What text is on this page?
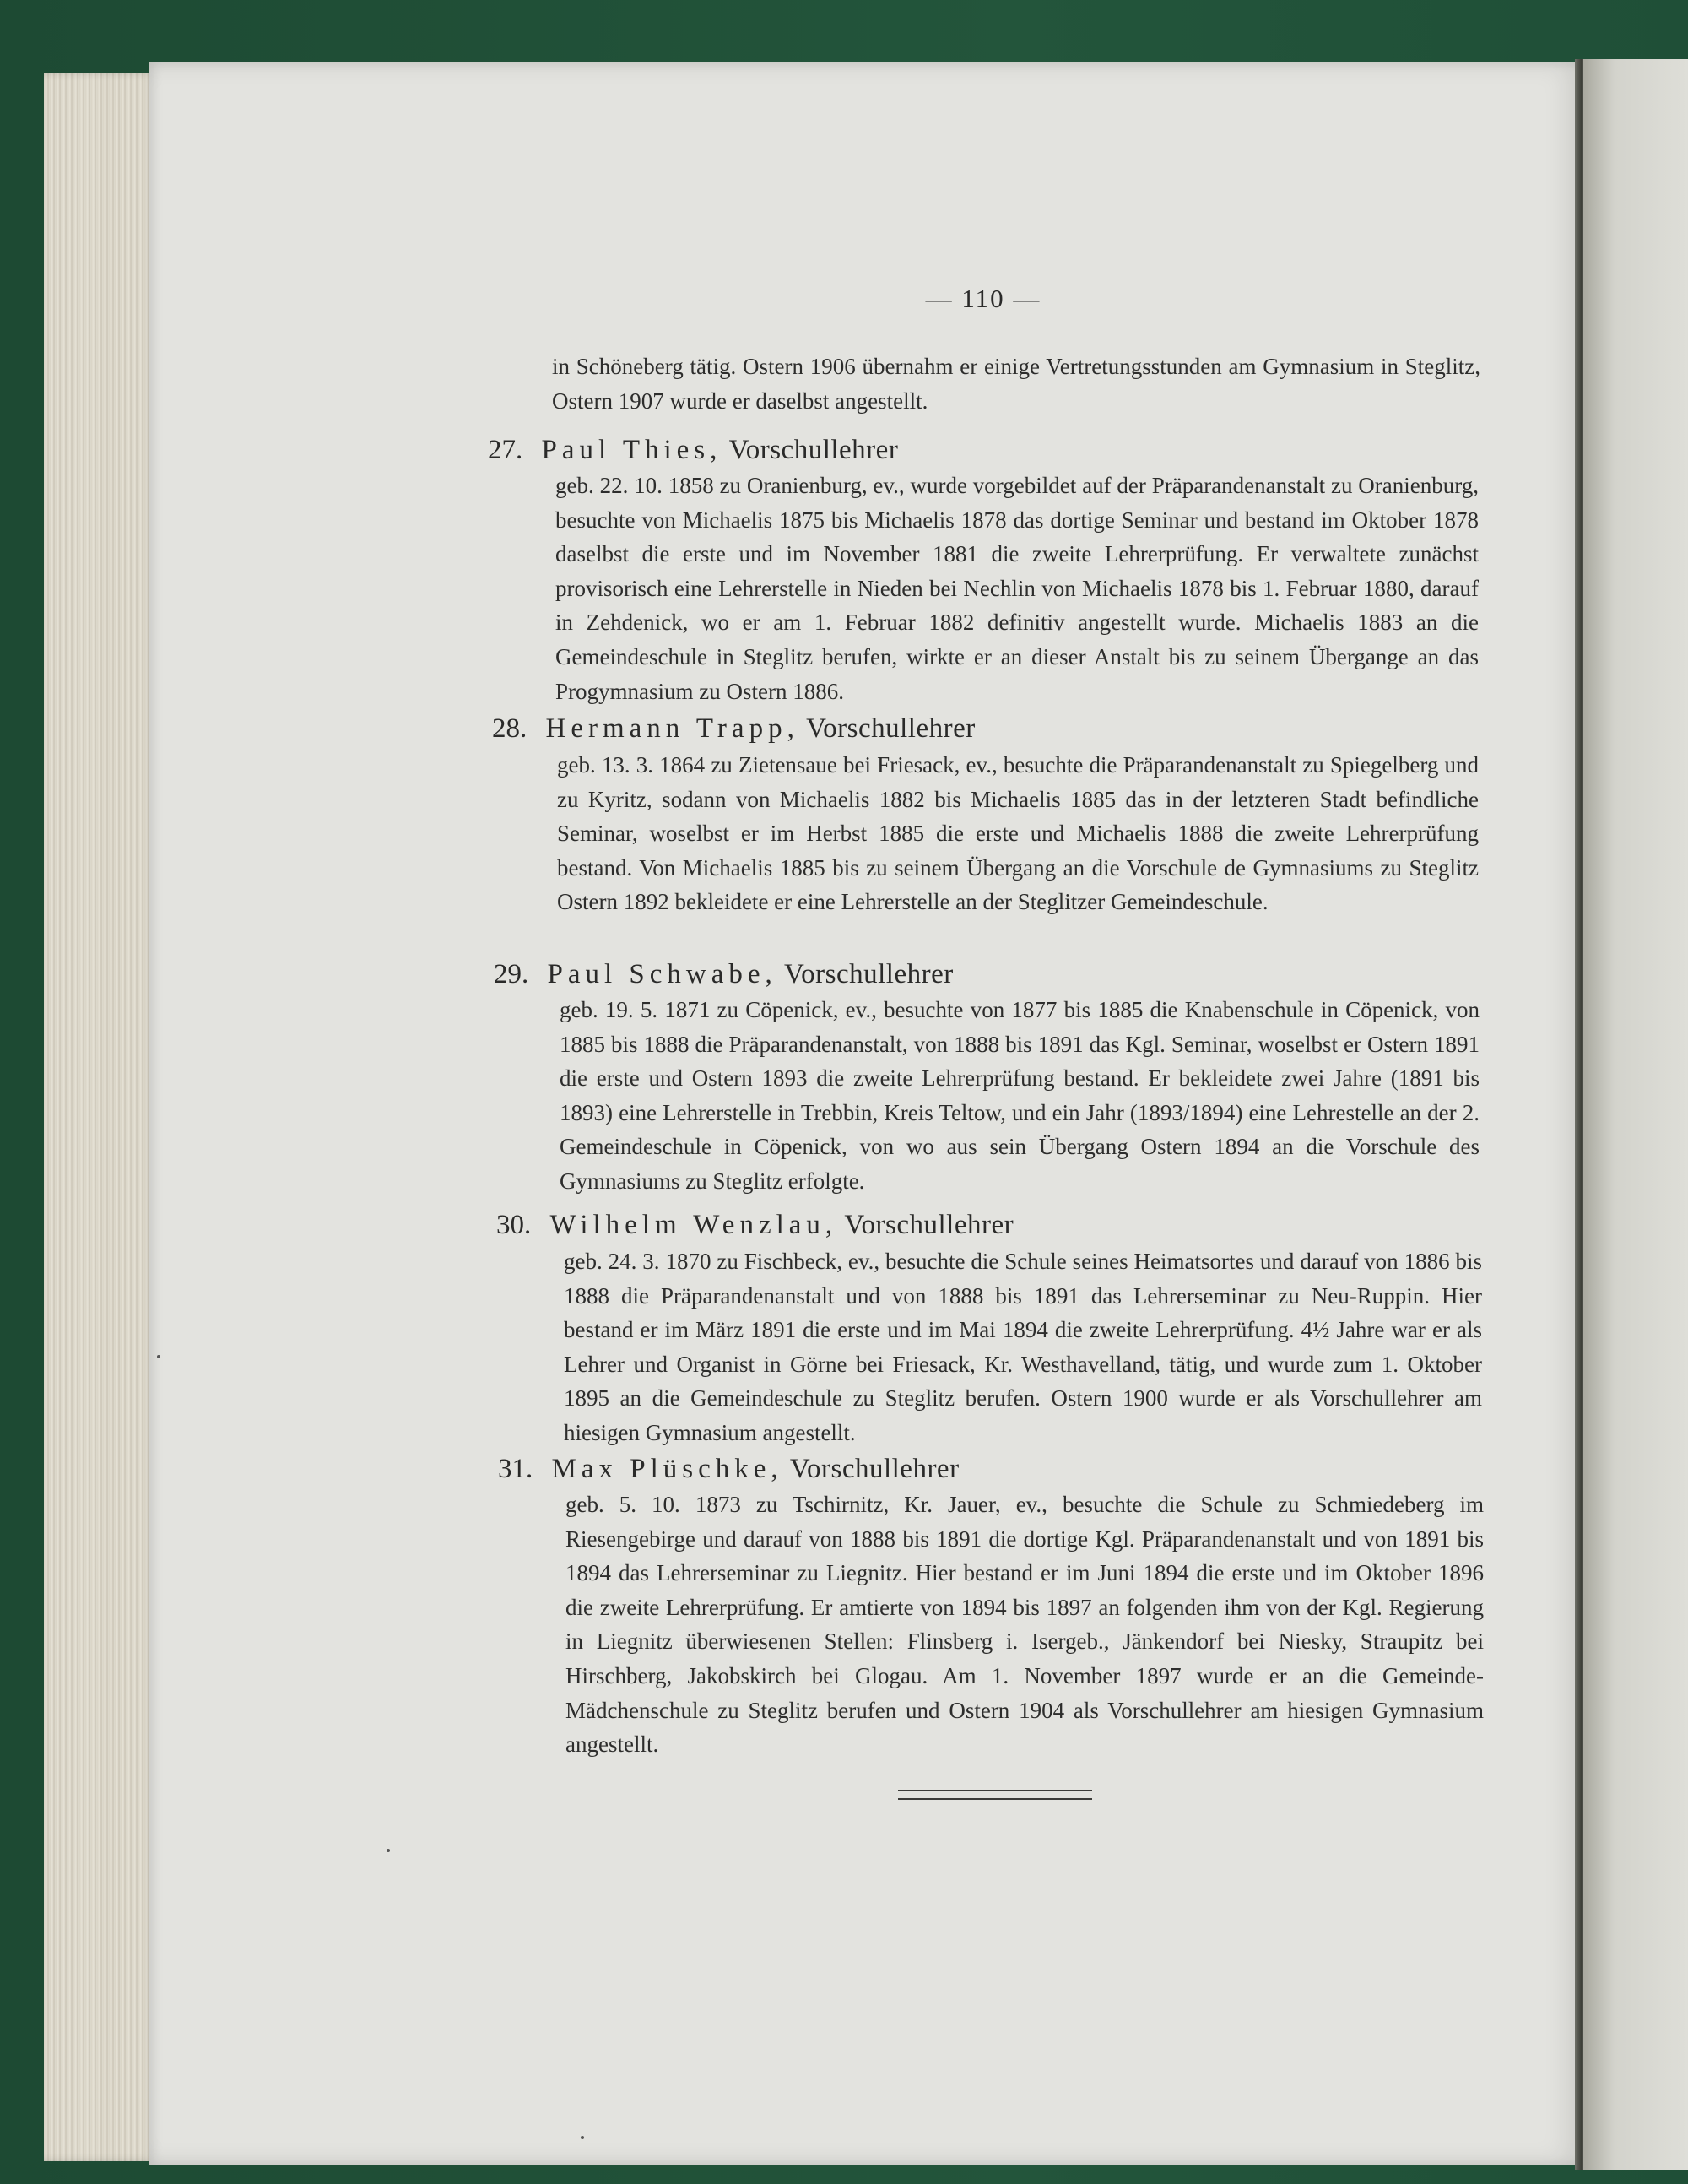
— 110 —
in Schöneberg tätig. Ostern 1906 übernahm er einige Vertretungsstunden am Gymnasium in Steglitz, Ostern 1907 wurde er daselbst angestellt.
27. Paul Thies, Vorschullehrer
geb. 22. 10. 1858 zu Oranienburg, ev., wurde vorgebildet auf der Präparandenanstalt zu Oranienburg, besuchte von Michaelis 1875 bis Michaelis 1878 das dortige Seminar und bestand im Oktober 1878 daselbst die erste und im November 1881 die zweite Lehrerprüfung. Er verwaltete zunächst provisorisch eine Lehrerstelle in Nieden bei Nechlin von Michaelis 1878 bis 1. Februar 1880, darauf in Zehdenick, wo er am 1. Februar 1882 definitiv angestellt wurde. Michaelis 1883 an die Gemeindeschule in Steglitz berufen, wirkte er an dieser Anstalt bis zu seinem Übergange an das Progymnasium zu Ostern 1886.
28. Hermann Trapp, Vorschullehrer
geb. 13. 3. 1864 zu Zietensaue bei Friesack, ev., besuchte die Präparandenanstalt zu Spiegelberg und zu Kyritz, sodann von Michaelis 1882 bis Michaelis 1885 das in der letzteren Stadt befindliche Seminar, woselbst er im Herbst 1885 die erste und Michaelis 1888 die zweite Lehrerprüfung bestand. Von Michaelis 1885 bis zu seinem Übergang an die Vorschule de Gymnasiums zu Steglitz Ostern 1892 bekleidete er eine Lehrerstelle an der Steglitzer Gemeindeschule.
29. Paul Schwabe, Vorschullehrer
geb. 19. 5. 1871 zu Cöpenick, ev., besuchte von 1877 bis 1885 die Knabenschule in Cöpenick, von 1885 bis 1888 die Präparandenanstalt, von 1888 bis 1891 das Kgl. Seminar, woselbst er Ostern 1891 die erste und Ostern 1893 die zweite Lehrerprüfung bestand. Er bekleidete zwei Jahre (1891 bis 1893) eine Lehrerstelle in Trebbin, Kreis Teltow, und ein Jahr (1893/1894) eine Lehrestelle an der 2. Gemeindeschule in Cöpenick, von wo aus sein Übergang Ostern 1894 an die Vorschule des Gymnasiums zu Steglitz erfolgte.
30. Wilhelm Wenzlau, Vorschullehrer
geb. 24. 3. 1870 zu Fischbeck, ev., besuchte die Schule seines Heimatsortes und darauf von 1886 bis 1888 die Präparandenanstalt und von 1888 bis 1891 das Lehrerseminar zu Neu-Ruppin. Hier bestand er im März 1891 die erste und im Mai 1894 die zweite Lehrerprüfung. 4½ Jahre war er als Lehrer und Organist in Görne bei Friesack, Kr. Westhavelland, tätig, und wurde zum 1. Oktober 1895 an die Gemeindeschule zu Steglitz berufen. Ostern 1900 wurde er als Vorschullehrer am hiesigen Gymnasium angestellt.
31. Max Plüschke, Vorschullehrer
geb. 5. 10. 1873 zu Tschirnitz, Kr. Jauer, ev., besuchte die Schule zu Schmiedeberg im Riesengebirge und darauf von 1888 bis 1891 die dortige Kgl. Präparandenanstalt und von 1891 bis 1894 das Lehrerseminar zu Liegnitz. Hier bestand er im Juni 1894 die erste und im Oktober 1896 die zweite Lehrerprüfung. Er amtierte von 1894 bis 1897 an folgenden ihm von der Kgl. Regierung in Liegnitz überwiesenen Stellen: Flinsberg i. Isergeb., Jänkendorf bei Niesky, Straupitz bei Hirschberg, Jakobskirch bei Glogau. Am 1. November 1897 wurde er an die Gemeinde-Mädchenschule zu Steglitz berufen und Ostern 1904 als Vorschullehrer am hiesigen Gymnasium angestellt.
